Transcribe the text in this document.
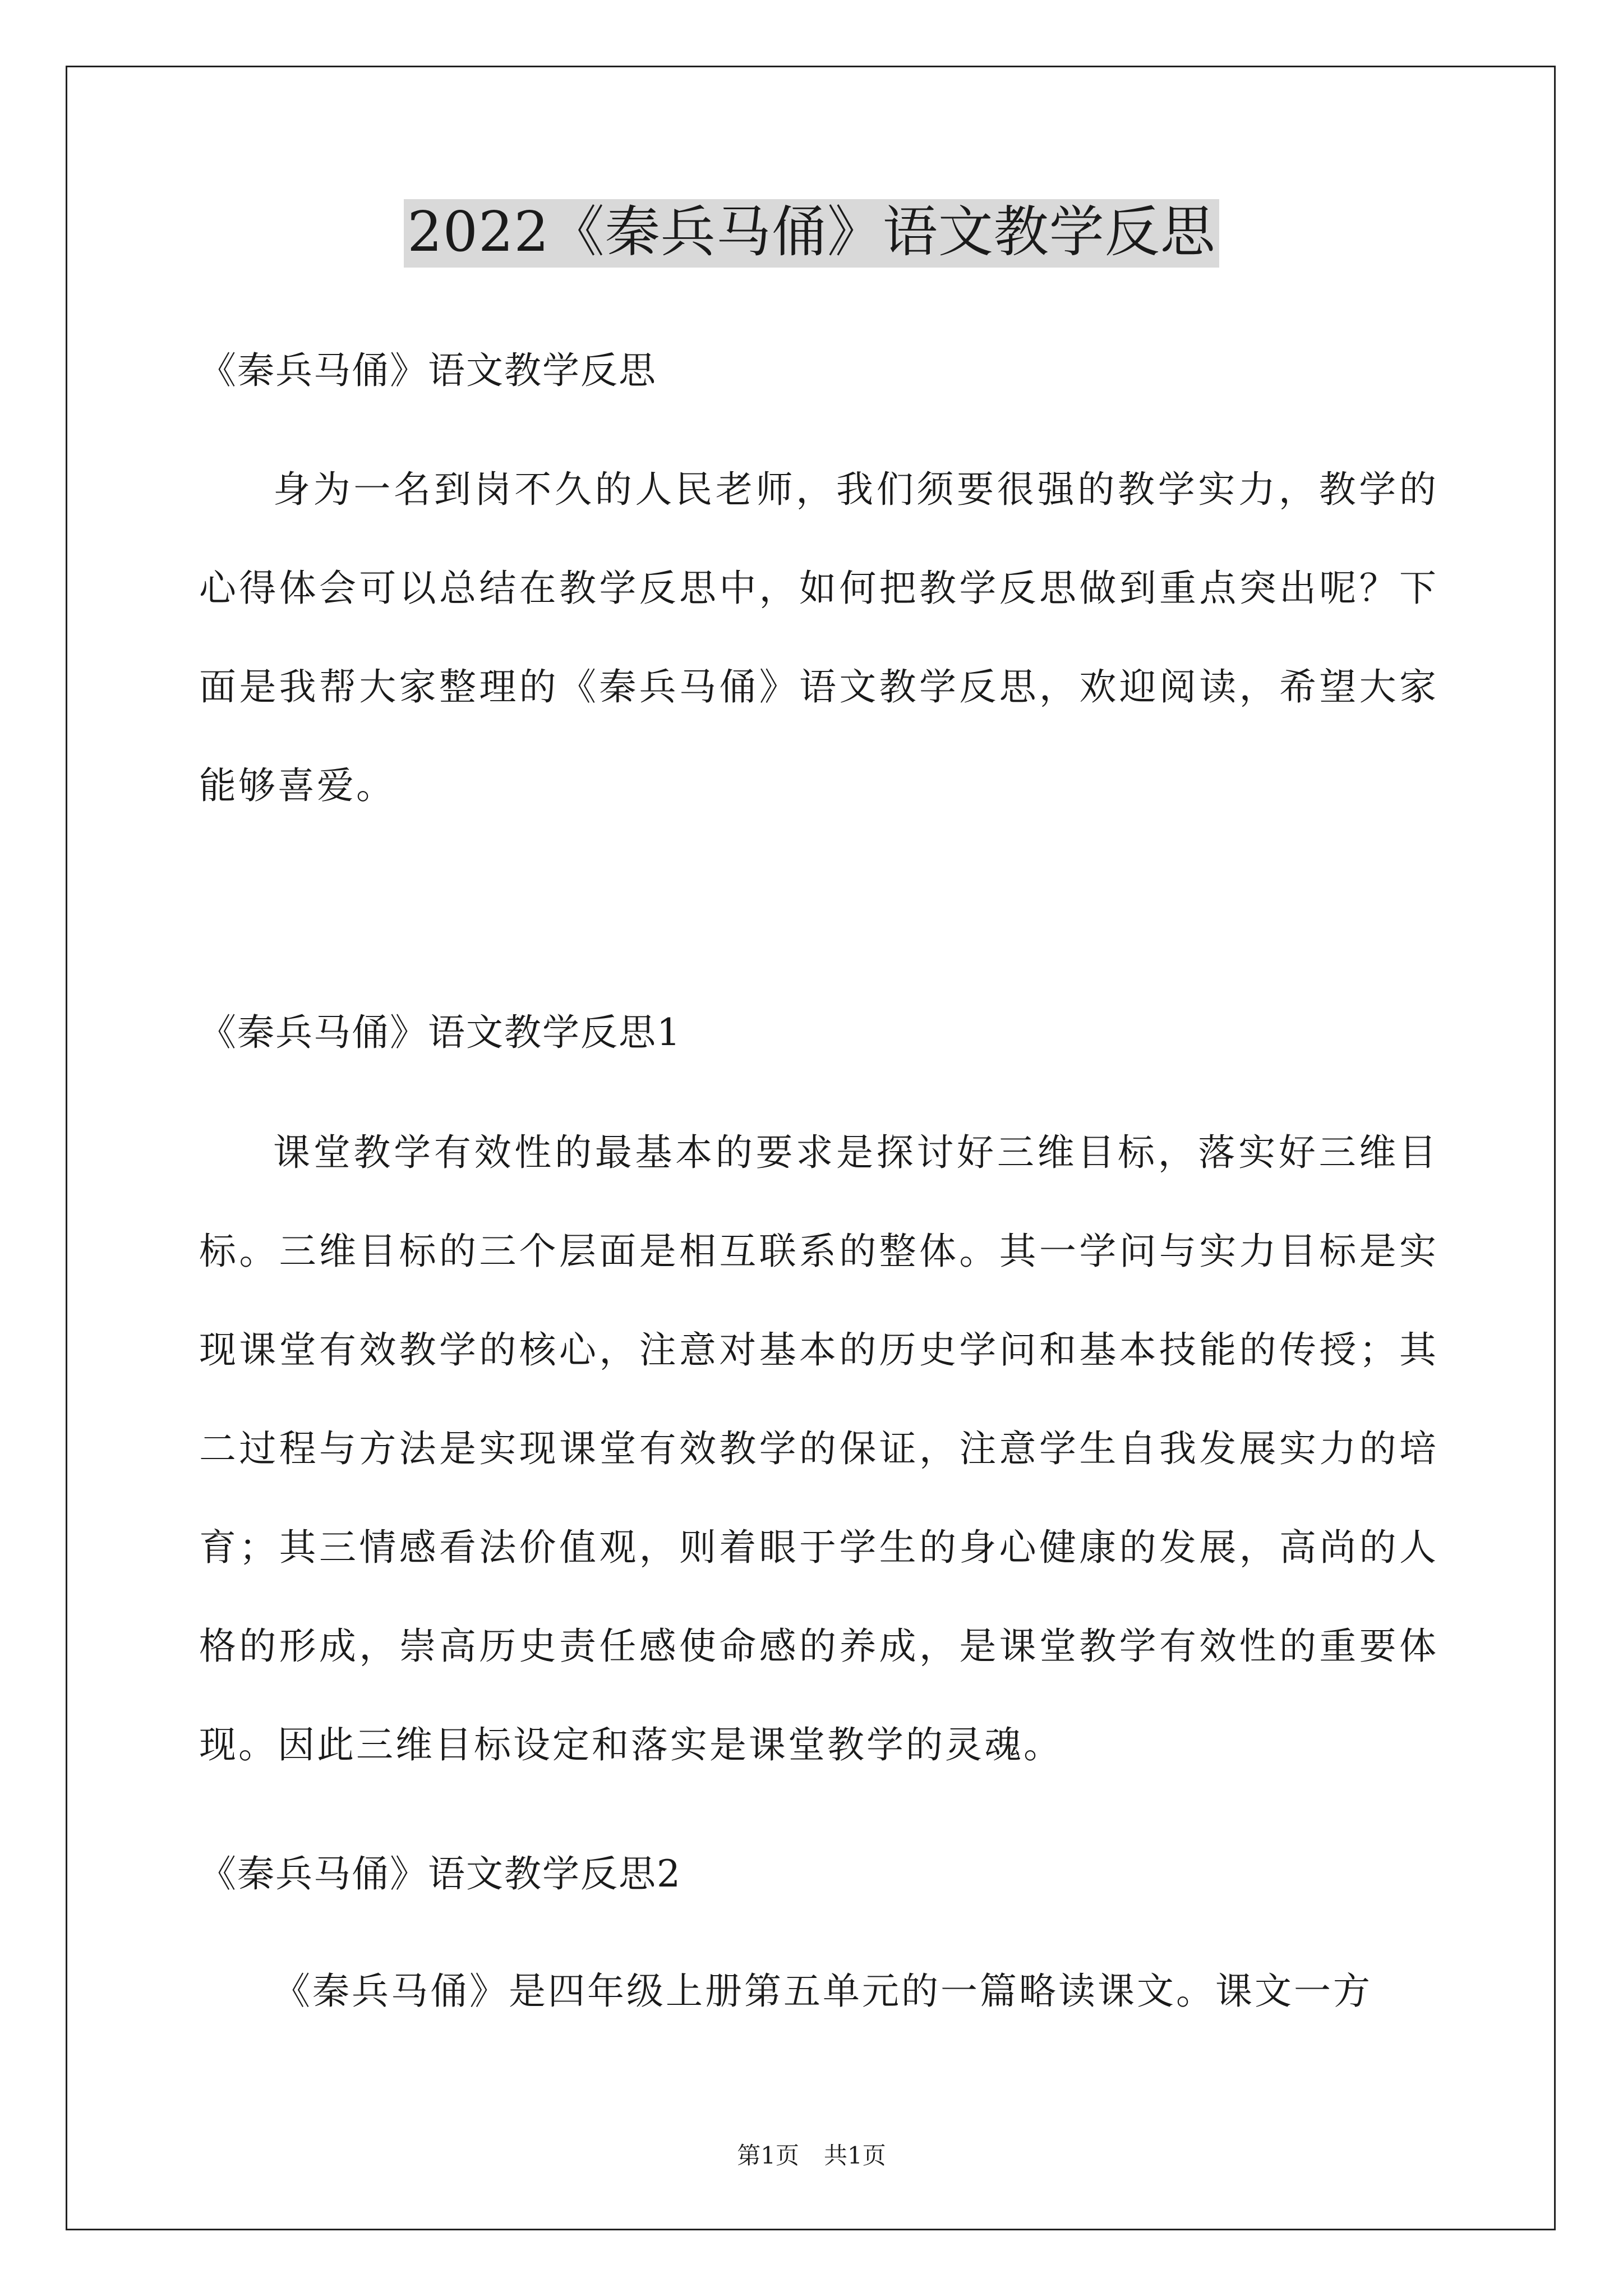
2022《秦兵马俑》语文教学反思
《秦兵马俑》语文教学反思

身为一名到岗不久的人民老师，我们须要很强的教学实力，教学的心得体会可以总结在教学反思中，如何把教学反思做到重点突出呢？下面是我帮大家整理的《秦兵马俑》语文教学反思，欢迎阅读，希望大家能够喜爱。

《秦兵马俑》语文教学反思1

课堂教学有效性的最基本的要求是探讨好三维目标，落实好三维目标。三维目标的三个层面是相互联系的整体。其一学问与实力目标是实现课堂有效教学的核心，注意对基本的历史学问和基本技能的传授；其二过程与方法是实现课堂有效教学的保证，注意学生自我发展实力的培育；其三情感看法价值观，则着眼于学生的身心健康的发展，高尚的人格的形成，崇高历史责任感使命感的养成，是课堂教学有效性的重要体现。因此三维目标设定和落实是课堂教学的灵魂。

《秦兵马俑》语文教学反思2

《秦兵马俑》是四年级上册第五单元的一篇略读课文。课文一方

第1页 共1页
